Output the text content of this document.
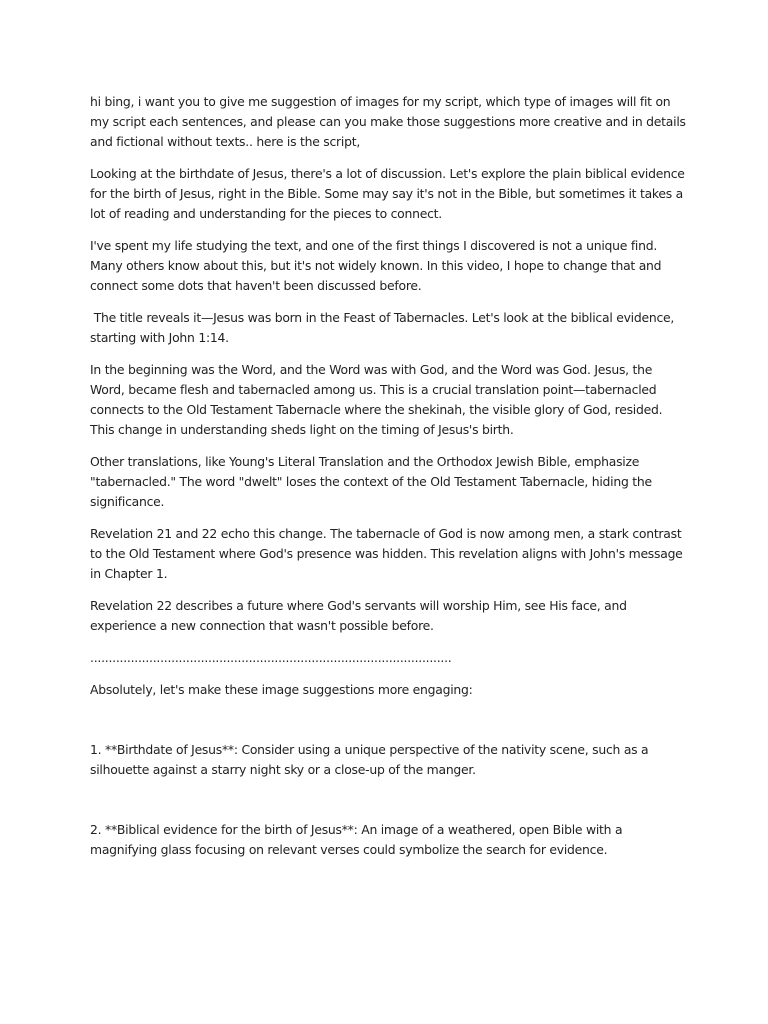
hi bing, i want you to give me suggestion of images for my script, which type of images will fit on my script each sentences, and please can you make those suggestions more creative and in details and fictional without texts.. here is the script,

Looking at the birthdate of Jesus, there's a lot of discussion. Let's explore the plain biblical evidence for the birth of Jesus, right in the Bible. Some may say it's not in the Bible, but sometimes it takes a lot of reading and understanding for the pieces to connect.

I've spent my life studying the text, and one of the first things I discovered is not a unique find. Many others know about this, but it's not widely known. In this video, I hope to change that and connect some dots that haven't been discussed before.

The title reveals it—Jesus was born in the Feast of Tabernacles. Let's look at the biblical evidence, starting with John 1:14.

In the beginning was the Word, and the Word was with God, and the Word was God. Jesus, the Word, became flesh and tabernacled among us. This is a crucial translation point—tabernacled connects to the Old Testament Tabernacle where the shekinah, the visible glory of God, resided. This change in understanding sheds light on the timing of Jesus's birth.

Other translations, like Young's Literal Translation and the Orthodox Jewish Bible, emphasize "tabernacled." The word "dwelt" loses the context of the Old Testament Tabernacle, hiding the significance.

Revelation 21 and 22 echo this change. The tabernacle of God is now among men, a stark contrast to the Old Testament where God's presence was hidden. This revelation aligns with John's message in Chapter 1.

Revelation 22 describes a future where God's servants will worship Him, see His face, and experience a new connection that wasn't possible before.

..................................................................................................

Absolutely, let's make these image suggestions more engaging:

1. **Birthdate of Jesus**: Consider using a unique perspective of the nativity scene, such as a silhouette against a starry night sky or a close-up of the manger.

2. **Biblical evidence for the birth of Jesus**: An image of a weathered, open Bible with a magnifying glass focusing on relevant verses could symbolize the search for evidence.
